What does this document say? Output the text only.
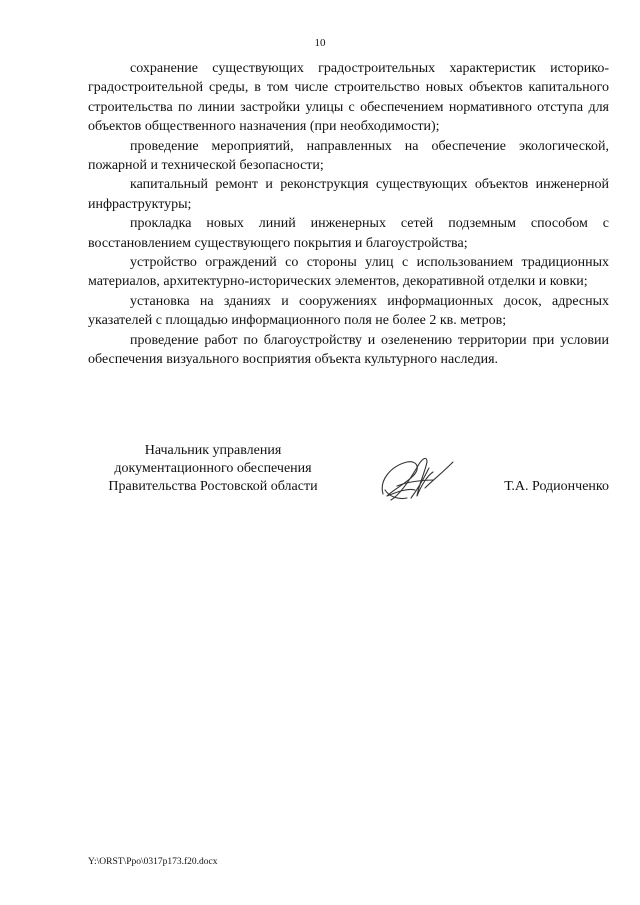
10

сохранение существующих градостроительных характеристик историко-градостроительной среды, в том числе строительство новых объектов капитального строительства по линии застройки улицы с обеспечением нормативного отступа для объектов общественного назначения (при необходимости);

проведение мероприятий, направленных на обеспечение экологической, пожарной и технической безопасности;

капитальный ремонт и реконструкция существующих объектов инженерной инфраструктуры;

прокладка новых линий инженерных сетей подземным способом с восстановлением существующего покрытия и благоустройства;

устройство ограждений со стороны улиц с использованием традиционных материалов, архитектурно-исторических элементов, декоративной отделки и ковки;

установка на зданиях и сооружениях информационных досок, адресных указателей с площадью информационного поля не более 2 кв. метров;

проведение работ по благоустройству и озеленению территории при условии обеспечения визуального восприятия объекта культурного наследия.

Начальник управления
документационного обеспечения
Правительства Ростовской области	Т.А. Родионченко
Y:\ORST\Ppo\0317p173.f20.docx
